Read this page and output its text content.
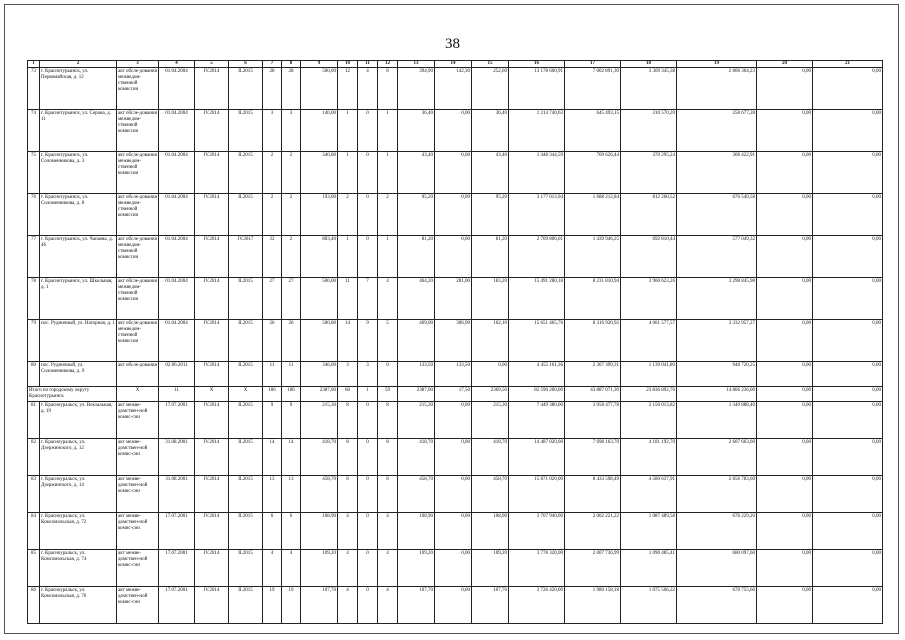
38
1	2	3	4	5	6	7	8	9	10	11	12	13	14	15	16	17	18	19	20	21
73	г. Краснотурьинск, ул. Первомайская, д. 12	акт обсле-дования межведом-ственной комиссии	01.04.2004	IV.2014	II.2015	28	28	500,00	12	4	8	394,90	142,30	252,60	13 178 600,91	7 002 891,30	3 369 345,38	2 806 364,23	0,00	0,00
74	г. Краснотурьинск, ул. Серова, д. 11	акт обсле-дования межведом-ственной комиссии	01.04.2004	IV.2014	II.2015	3	3	140,00	1	0	1	36,40	0,00	36,40	1 214 740,63	645 493,15	310 570,20	258 677,28	0,00	0,00
75	г. Краснотурьинск, ул. Соломенникова, д. 3	акт обсле-дования межведом-ственной комиссии	01.04.2004	IV.2014	II.2015	2	2	340,00	1	0	1	43,40	0,00	43,40	1 448 344,59	769 626,44	370 295,24	308 422,91	0,00	0,00
76	г. Краснотурьинск, ул. Соломенникова, д. 8	акт обсле-дования межведом-ственной комиссии	01.04.2004	IV.2014	II.2015	2	2	193,00	2	0	2	95,20	0,00	95,20	3 177 013,94	1 688 212,84	812 260,52	676 540,58	0,00	0,00
77	г. Краснотурьинск, ул. Чапаева, д. 46	акт обсле-дования межведом-ственной комиссии	01.04.2004	IV.2014	IV.2017	32	2	883,40	1	0	1	81,20	0,00	81,20	2 709 806,01	1 439 946,25	692 810,44	577 049,32	0,00	0,00
78	г. Краснотурьинск, ул. Школьная, д. 1	акт обсле-дования межведом-ственной комиссии	01.04.2004	IV.2014	II.2015	27	27	500,00	11	7	4	464,20	281,00	183,20	15 491 280,18	8 231 810,94	3 960 623,26	3 298 845,98	0,00	0,00
79	пос. Рудничный, ул. Нагорная, д. 1	акт обсле-дования межведом-ственной комиссии	01.04.2004	IV.2014	II.2015	26	26	500,00	14	9	5	469,00	306,90	162,10	15 651 465,76	8 316 930,92	4 001 577,57	3 332 957,27	0,00	0,00
80	пос. Рудничный, ул. Соломенникова, д. 9	акт обсле-дования	02.06.2011	IV.2014	II.2015	11	11	346,00	3	3	0	133,50	133,50	0,00	4 455 161,36	2 367 399,31	1 139 041,80	948 720,25	0,00	0,00
Итого по городскому округу Краснотурьинск		X	11	X	X	106	106	2387,00	60	1	59	2387,00	17,50	2369,50	82 590 200,00	43 887 071,30	23 836 892,70	14 866 236,00	0,00	0,00
81	г. Красноуральск, ул. Вокзальная, д. 19	акт межве-домствен-ной комис-сии	17.07.2001	IV.2014	II.2015	9	9	215,30	8	0	8	215,30	0,00	215,30	7 449 380,00	3 958 477,78	2 150 013,82	1 340 888,40	0,00	0,00
82	г. Красноуральск, ул. Дзержинского, д. 12	акт межве-домствен-ной комис-сии	31.08.2001	IV.2014	II.2015	14	14	418,70	8	0	8	418,70	0,00	418,70	14 487 020,00	7 698 163,70	4 181 192,70	2 607 663,60	0,00	0,00
83	г. Красноуральск, ул. Дзержинского, д. 14	акт межве-домствен-ной комис-сии	31.08.2001	IV.2014	II.2015	13	13	458,70	8	0	8	458,70	0,00	458,70	15 871 020,00	8 433 598,49	4 580 637,91	2 856 783,60	0,00	0,00
84	г. Красноуральск, ул. Комсомольская, д. 72	акт межве-домствен-ной комис-сии	17.07.2001	IV.2014	II.2015	6	6	108,90	4	0	4	108,90	0,00	108,90	3 767 940,00	2 002 221,22	1 087 489,58	678 229,20	0,00	0,00
85	г. Красноуральск, ул. Комсомольская, д. 74	акт межве-домствен-ной комис-сии	17.07.2001	IV.2014	II.2015	4	4	109,20	4	0	4	109,20	0,00	109,20	3 778 320,00	2 007 736,99	1 090 485,41	680 097,60	0,00	0,00
86	г. Красноуральск, ул. Комсомольская, д. 76	акт межве-домствен-ной комис-сии	17.07.2001	IV.2014	II.2015	19	19	107,70	4	0	4	107,70	0,00	107,70	3 726 420,00	1 980 158,18	1 075 506,22	670 755,60	0,00	0,00
